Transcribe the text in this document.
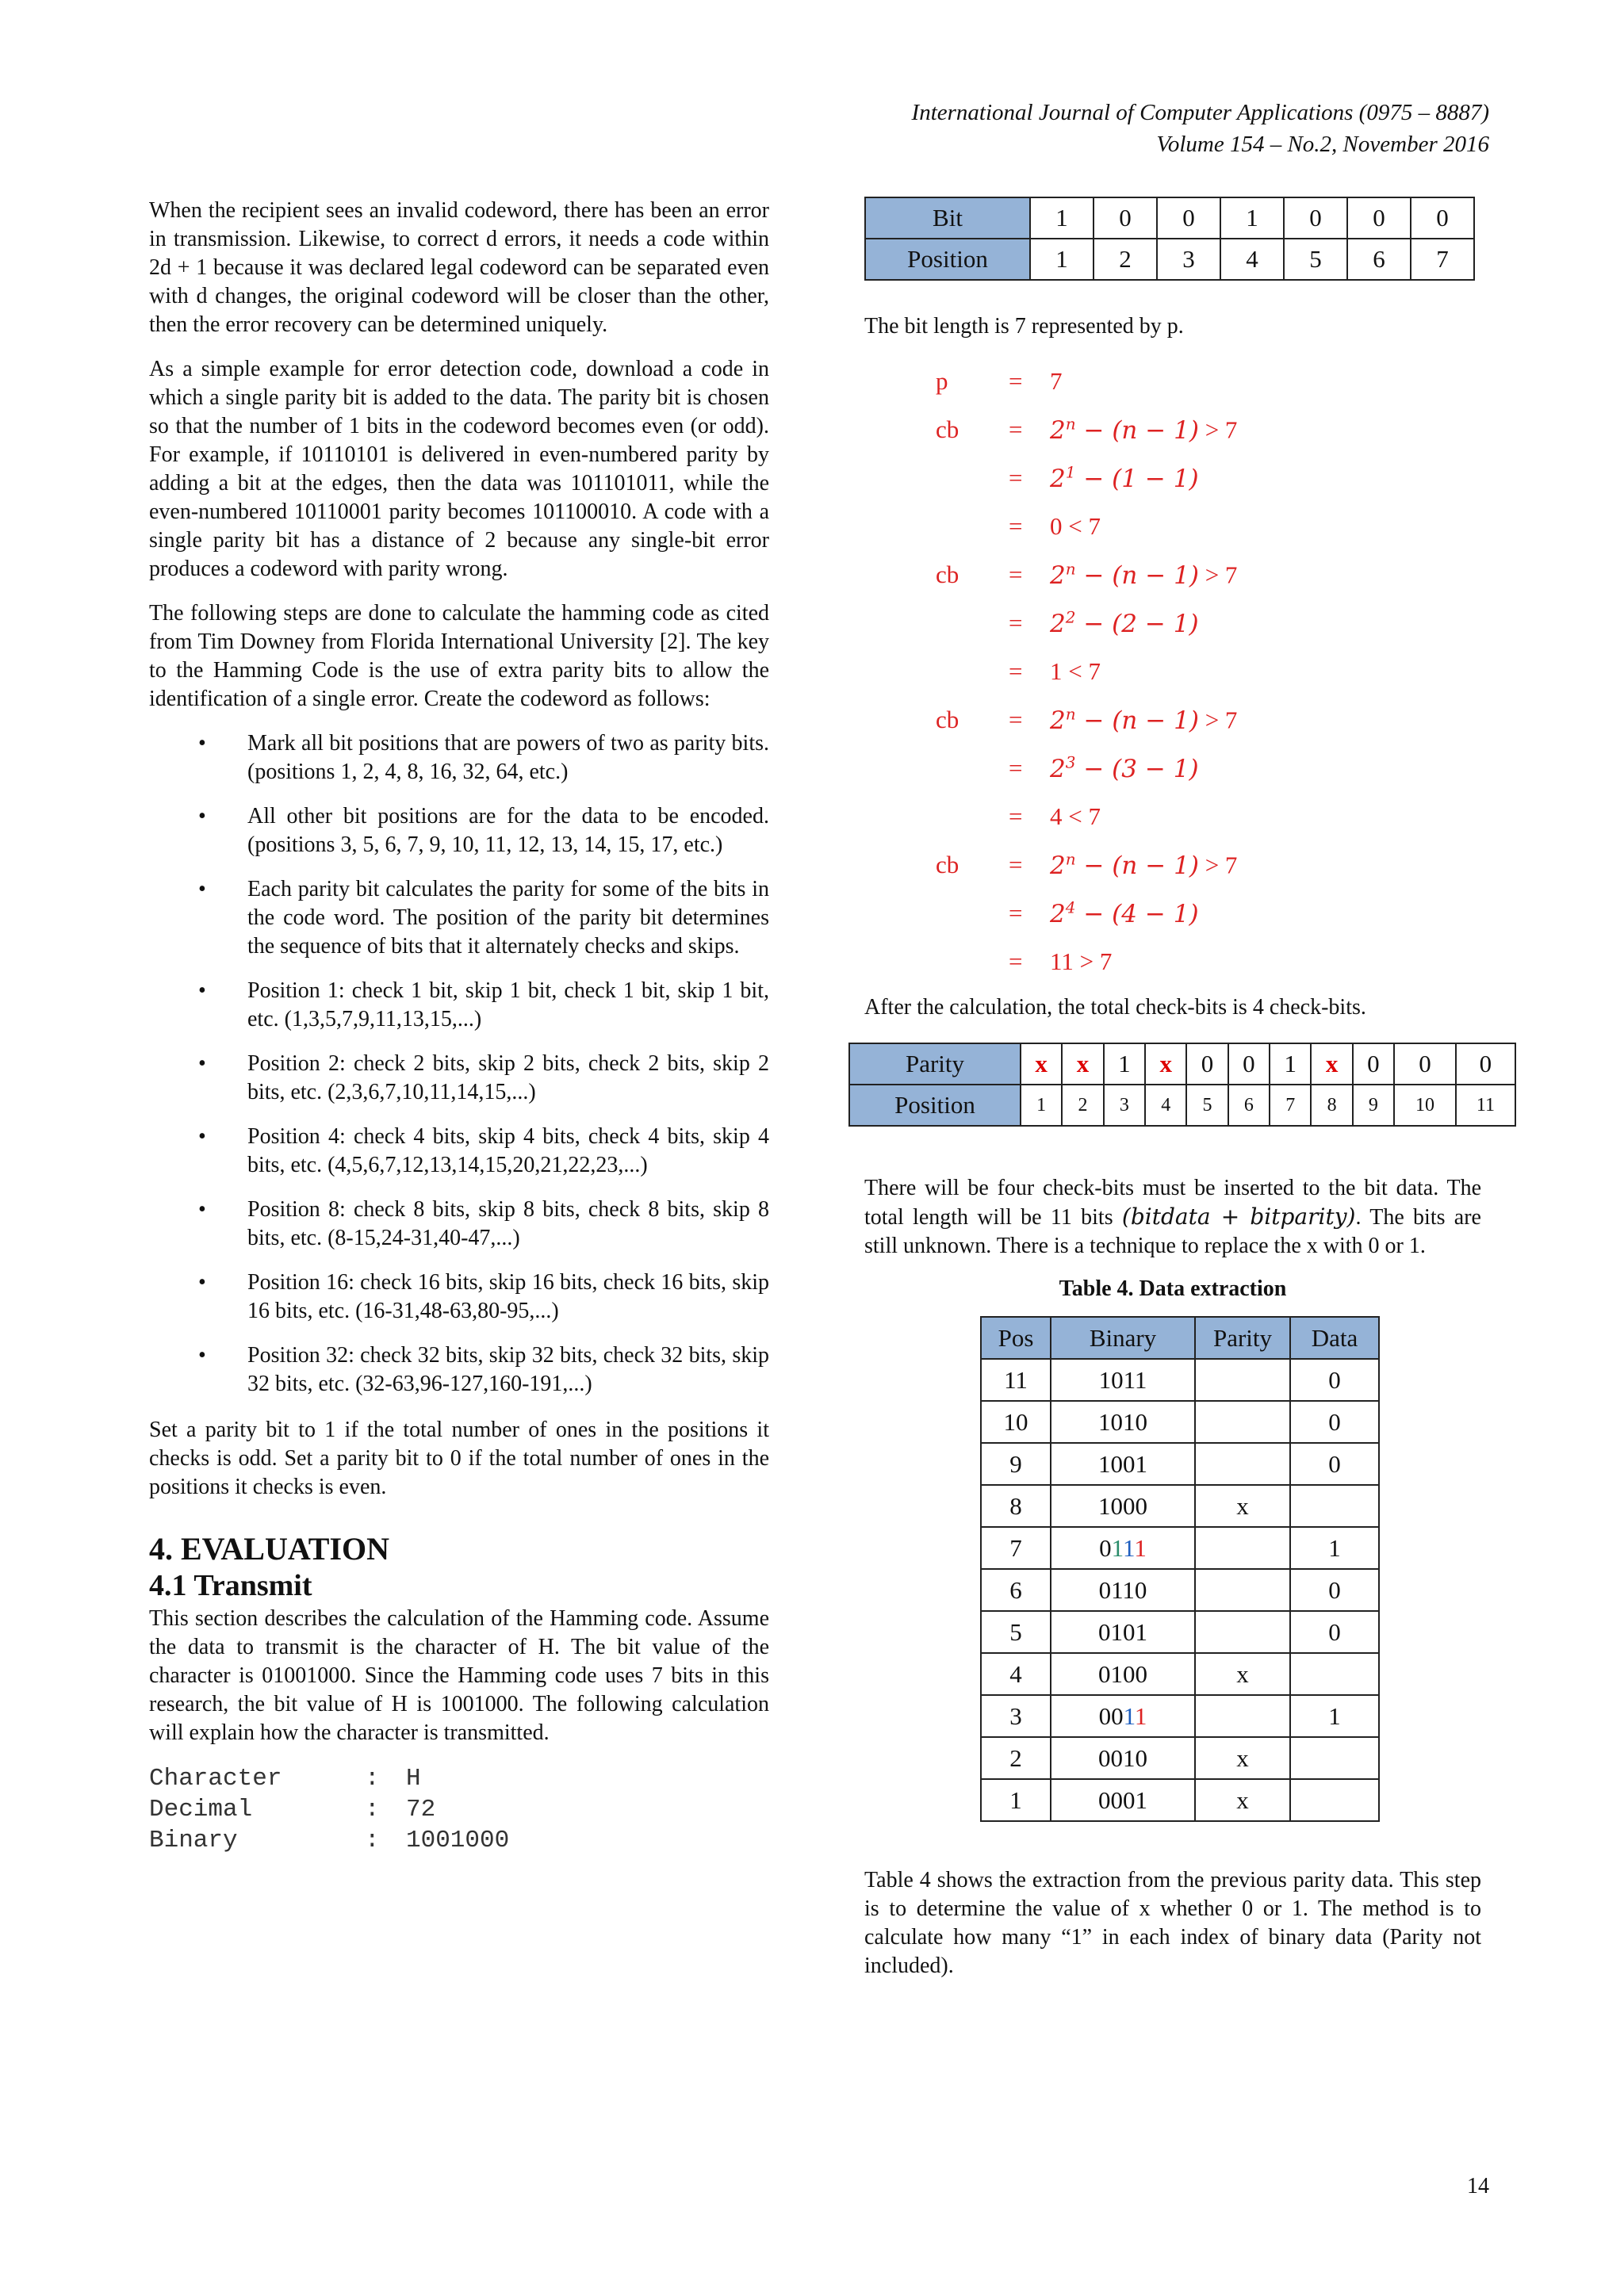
International Journal of Computer Applications (0975 – 8887)
Volume 154 – No.2, November 2016

When the recipient sees an invalid codeword, there has been an error in transmission. Likewise, to correct d errors, it needs a code within 2d + 1 because it was declared legal codeword can be separated even with d changes, the original codeword will be closer than the other, then the error recovery can be determined uniquely.

As a simple example for error detection code, download a code in which a single parity bit is added to the data. The parity bit is chosen so that the number of 1 bits in the codeword becomes even (or odd). For example, if 10110101 is delivered in even-numbered parity by adding a bit at the edges, then the data was 101101011, while the even-numbered 10110001 parity becomes 101100010. A code with a single parity bit has a distance of 2 because any single-bit error produces a codeword with parity wrong.

The following steps are done to calculate the hamming code as cited from Tim Downey from Florida International University [2]. The key to the Hamming Code is the use of extra parity bits to allow the identification of a single error. Create the codeword as follows:

• Mark all bit positions that are powers of two as parity bits. (positions 1, 2, 4, 8, 16, 32, 64, etc.)
• All other bit positions are for the data to be encoded. (positions 3, 5, 6, 7, 9, 10, 11, 12, 13, 14, 15, 17, etc.)
• Each parity bit calculates the parity for some of the bits in the code word. The position of the parity bit determines the sequence of bits that it alternately checks and skips.
• Position 1: check 1 bit, skip 1 bit, check 1 bit, skip 1 bit, etc. (1,3,5,7,9,11,13,15,...)
• Position 2: check 2 bits, skip 2 bits, check 2 bits, skip 2 bits, etc. (2,3,6,7,10,11,14,15,...)
• Position 4: check 4 bits, skip 4 bits, check 4 bits, skip 4 bits, etc. (4,5,6,7,12,13,14,15,20,21,22,23,...)
• Position 8: check 8 bits, skip 8 bits, check 8 bits, skip 8 bits, etc. (8-15,24-31,40-47,...)
• Position 16: check 16 bits, skip 16 bits, check 16 bits, skip 16 bits, etc. (16-31,48-63,80-95,...)
• Position 32: check 32 bits, skip 32 bits, check 32 bits, skip 32 bits, etc. (32-63,96-127,160-191,...)

Set a parity bit to 1 if the total number of ones in the positions it checks is odd. Set a parity bit to 0 if the total number of ones in the positions it checks is even.

4. EVALUATION
4.1 Transmit

This section describes the calculation of the Hamming code. Assume the data to transmit is the character of H. The bit value of the character is 01001000. Since the Hamming code uses 7 bits in this research, the bit value of H is 1001000. The following calculation will explain how the character is transmitted.

Character	:	H
Decimal	:	72
Binary	:	1001000
Bit	1	0	0	1	0	0	0
Position	1	2	3	4	5	6	7

The bit length is 7 represented by p.

p	=	7
cb	=	$2^n - (n - 1) > 7$
=	$2^1 - (1 - 1)$
=	0 < 7
cb	=	$2^n - (n - 1) > 7$
=	$2^2 - (2 - 1)$
=	1 < 7
cb	=	$2^n - (n - 1) > 7$
=	$2^3 - (3 - 1)$
=	4 < 7
cb	=	$2^n - (n - 1) > 7$
=	$2^4 - (4 - 1)$
=	11 > 7

After the calculation, the total check-bits is 4 check-bits.

Parity	x	x	1	x	0	0	1	x	0	0	0
Position	1	2	3	4	5	6	7	8	9	10	11

There will be four check-bits must be inserted to the bit data. The total length will be 11 bits (bitdata + bitparity). The bits are still unknown. There is a technique to replace the x with 0 or 1.

Table 4. Data extraction
Pos	Binary	Parity	Data
11	1011		0
10	1010		0
9	1001		0
8	1000	x	
7	0111		1
6	0110		0
5	0101		0
4	0100	x	
3	0011		1
2	0010	x	
1	0001	x	

Table 4 shows the extraction from the previous parity data. This step is to determine the value of x whether 0 or 1. The method is to calculate how many “1” in each index of binary data (Parity not included).

14
